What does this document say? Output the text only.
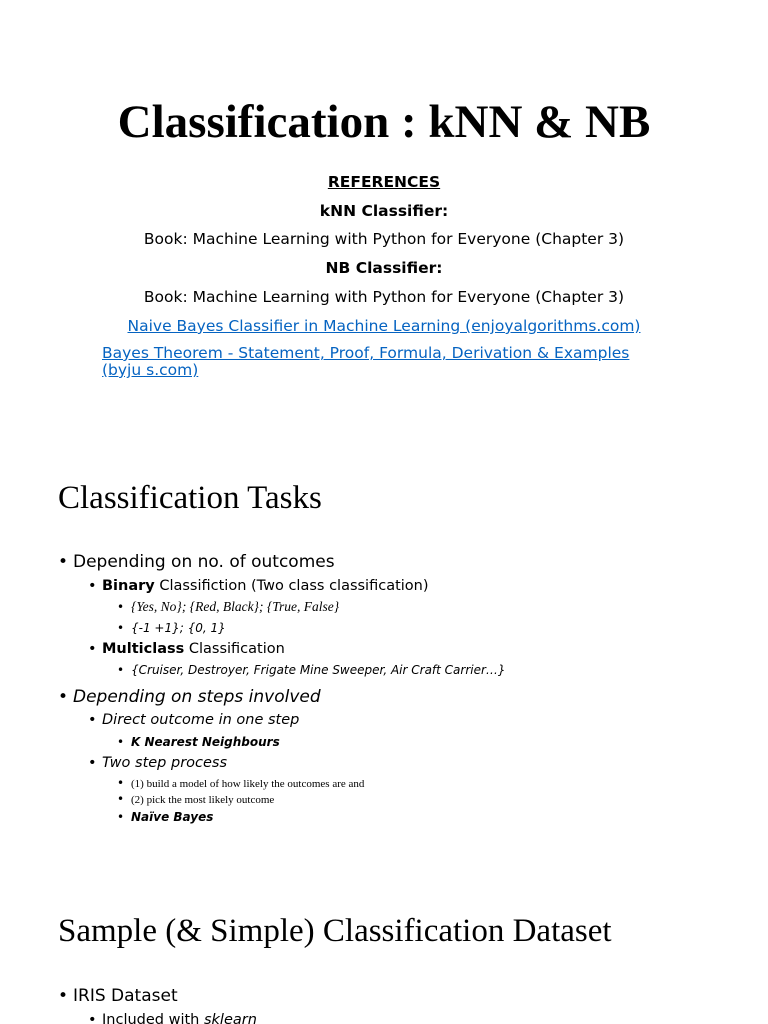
Classification : kNN & NB
REFERENCES
kNN Classifier:
Book: Machine Learning with Python for Everyone (Chapter 3)
NB Classifier:
Book: Machine Learning with Python for Everyone (Chapter 3)
Naive Bayes Classifier in Machine Learning (enjoyalgorithms.com)
Bayes Theorem - Statement, Proof, Formula, Derivation & Examples (byju s.com)
Classification Tasks
• Depending on no. of outcomes
• Binary Classifiction (Two class classification)
• {Yes, No}; {Red, Black}; {True, False}
• {-1 +1}; {0, 1}
• Multiclass Classification
• {Cruiser, Destroyer, Frigate Mine Sweeper, Air Craft Carrier…}
• Depending on steps involved
• Direct outcome in one step
• K Nearest Neighbours
• Two step process
• (1) build a model of how likely the outcomes are and
• (2) pick the most likely outcome
• Naïve Bayes
Sample (& Simple) Classification Dataset
• IRIS Dataset
• Included with sklearn
